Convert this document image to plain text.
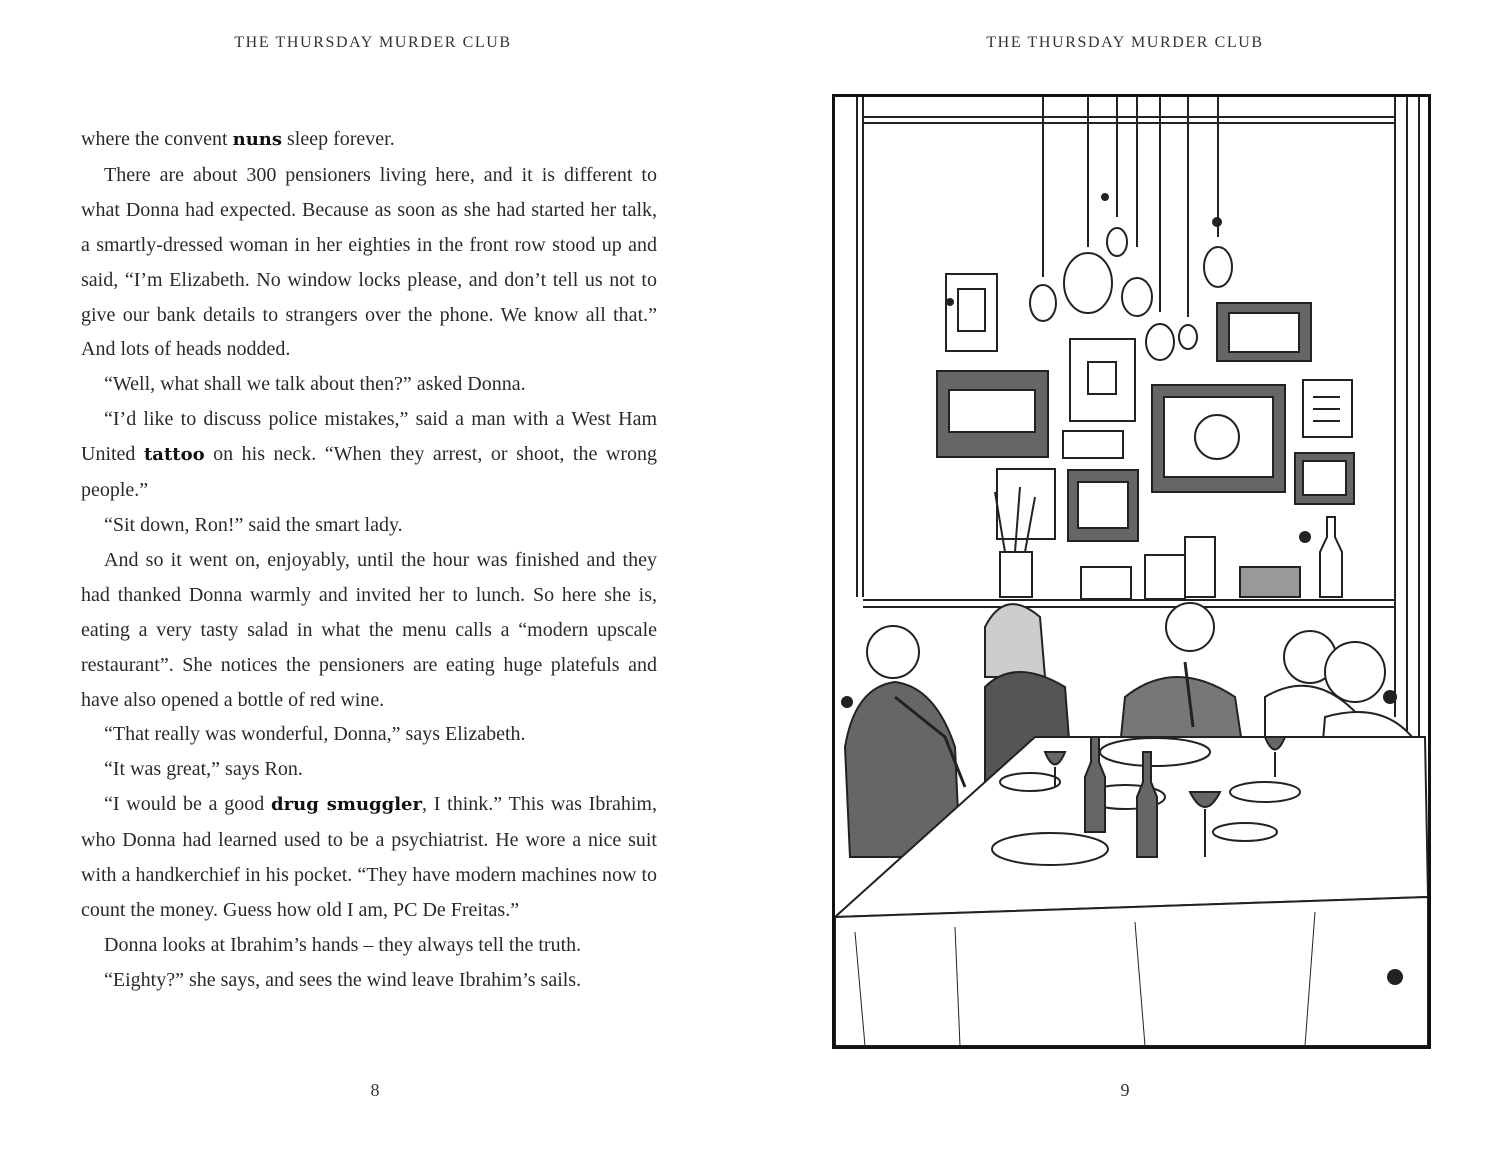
THE THURSDAY MURDER CLUB

where the convent nuns sleep forever.

There are about 300 pensioners living here, and it is different to what Donna had expected. Because as soon as she had started her talk, a smartly-dressed woman in her eighties in the front row stood up and said, “I’m Elizabeth. No window locks please, and don’t tell us not to give our bank details to strangers over the phone. We know all that.” And lots of heads nodded.

“Well, what shall we talk about then?” asked Donna.

“I’d like to discuss police mistakes,” said a man with a West Ham United tattoo on his neck. “When they arrest, or shoot, the wrong people.”

“Sit down, Ron!” said the smart lady.

And so it went on, enjoyably, until the hour was finished and they had thanked Donna warmly and invited her to lunch. So here she is, eating a very tasty salad in what the menu calls a “modern upscale restaurant”. She notices the pensioners are eating huge platefuls and have also opened a bottle of red wine.

“That really was wonderful, Donna,” says Elizabeth.

“It was great,” says Ron.

“I would be a good drug smuggler, I think.” This was Ibrahim, who Donna had learned used to be a psychiatrist. He wore a nice suit with a handkerchief in his pocket. “They have modern machines now to count the money. Guess how old I am, PC De Freitas.”

Donna looks at Ibrahim’s hands – they always tell the truth.

“Eighty?” she says, and sees the wind leave Ibrahim’s sails.

8
THE THURSDAY MURDER CLUB
9
